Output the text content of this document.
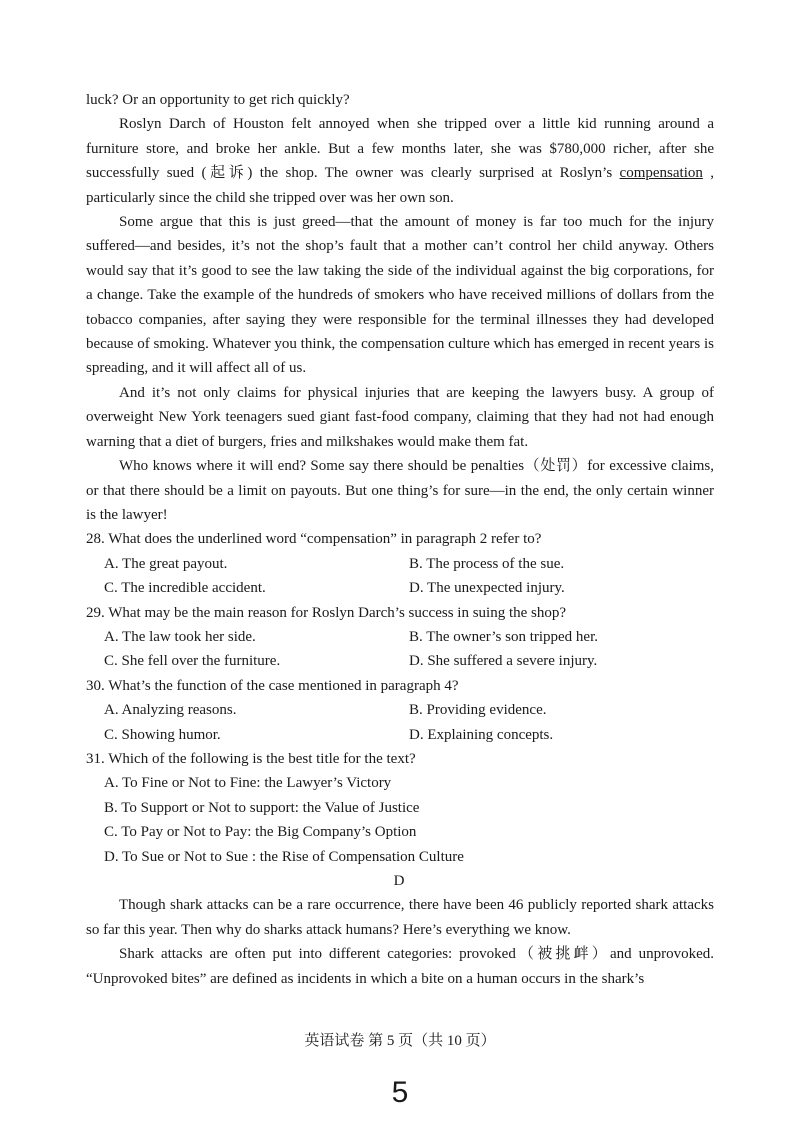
luck? Or an opportunity to get rich quickly?

Roslyn Darch of Houston felt annoyed when she tripped over a little kid running around a furniture store, and broke her ankle. But a few months later, she was $780,000 richer, after she successfully sued (起诉) the shop. The owner was clearly surprised at Roslyn’s compensation , particularly since the child she tripped over was her own son.

Some argue that this is just greed—that the amount of money is far too much for the injury suffered—and besides, it’s not the shop’s fault that a mother can’t control her child anyway. Others would say that it’s good to see the law taking the side of the individual against the big corporations, for a change. Take the example of the hundreds of smokers who have received millions of dollars from the tobacco companies, after saying they were responsible for the terminal illnesses they had developed because of smoking. Whatever you think, the compensation culture which has emerged in recent years is spreading, and it will affect all of us.

And it’s not only claims for physical injuries that are keeping the lawyers busy. A group of overweight New York teenagers sued giant fast-food company, claiming that they had not had enough warning that a diet of burgers, fries and milkshakes would make them fat.

Who knows where it will end? Some say there should be penalties（处罚）for excessive claims, or that there should be a limit on payouts. But one thing’s for sure—in the end, the only certain winner is the lawyer!

28. What does the underlined word “compensation” in paragraph 2 refer to?
A. The great payout.	B. The process of the sue.
C. The incredible accident.	D. The unexpected injury.
29. What may be the main reason for Roslyn Darch’s success in suing the shop?
A. The law took her side.	B. The owner’s son tripped her.
C. She fell over the furniture.	D. She suffered a severe injury.
30. What’s the function of the case mentioned in paragraph 4?
A. Analyzing reasons.	B. Providing evidence.
C. Showing humor.	D. Explaining concepts.
31. Which of the following is the best title for the text?
A. To Fine or Not to Fine: the Lawyer’s Victory
B. To Support or Not to support: the Value of Justice
C. To Pay or Not to Pay: the Big Company’s Option
D. To Sue or Not to Sue : the Rise of Compensation Culture
D

Though shark attacks can be a rare occurrence, there have been 46 publicly reported shark attacks so far this year. Then why do sharks attack humans? Here’s everything we know.

Shark attacks are often put into different categories: provoked（被挑衅）and unprovoked. “Unprovoked bites” are defined as incidents in which a bite on a human occurs in the shark’s

英语试卷 第 5 页（共 10 页）
5
